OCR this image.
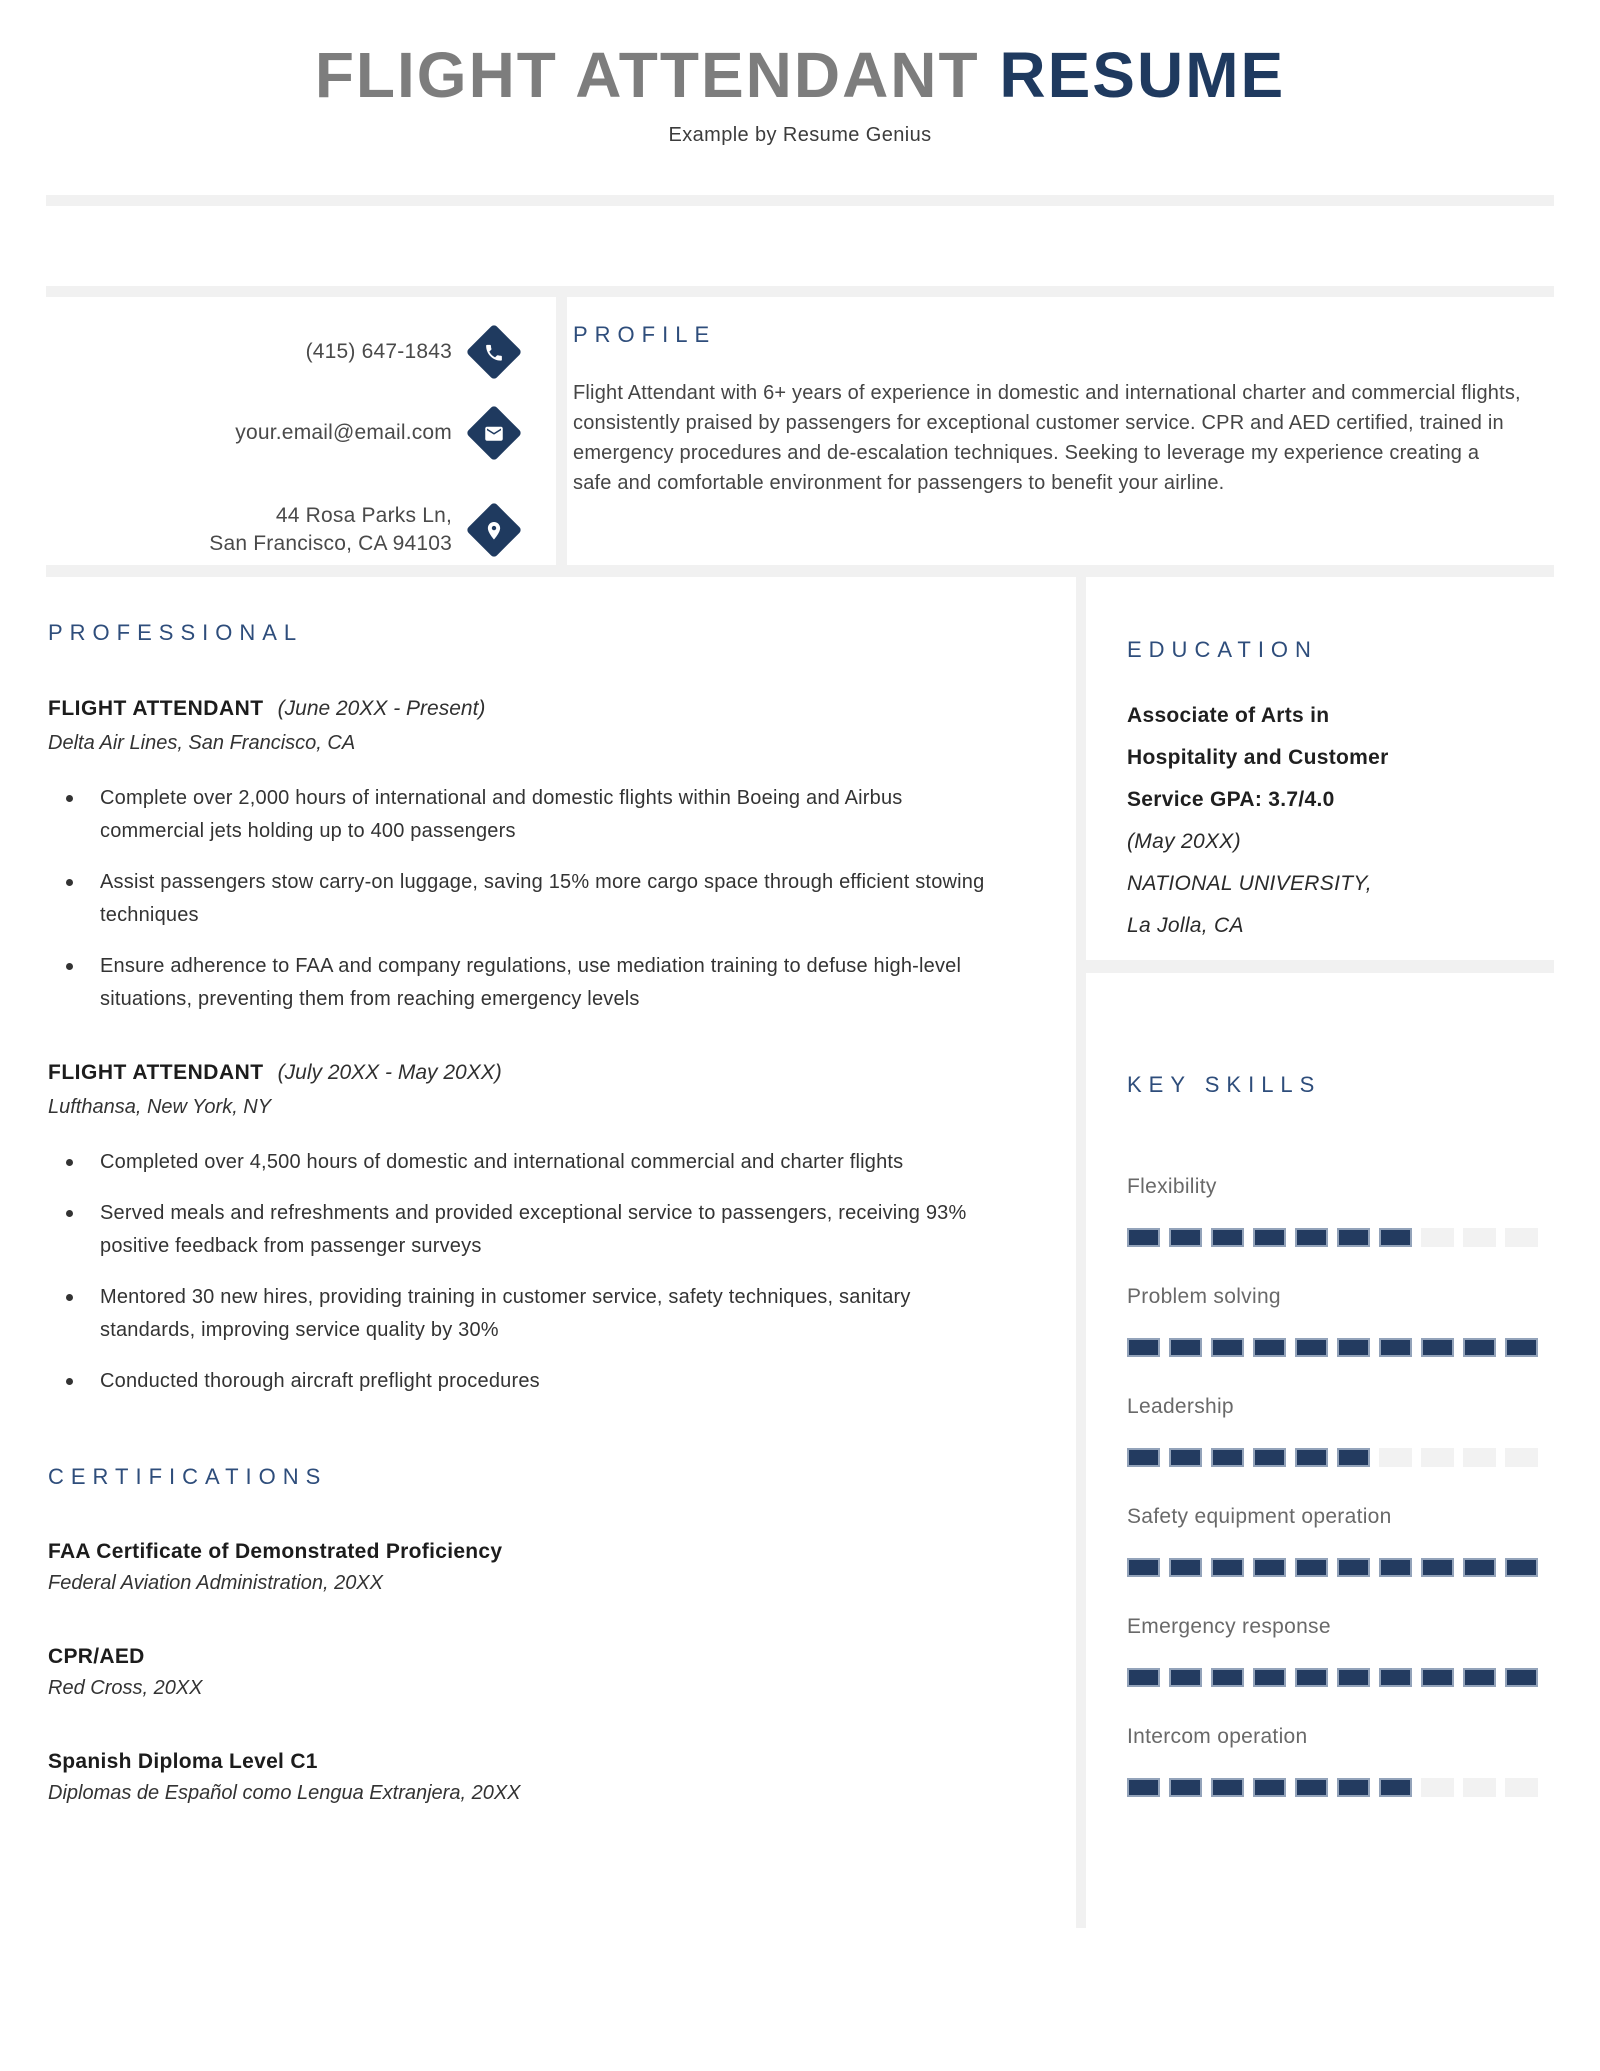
FLIGHT ATTENDANT RESUME
Example by Resume Genius
(415) 647-1843
your.email@email.com
44 Rosa Parks Ln,
San Francisco, CA 94103
PROFILE

Flight Attendant with 6+ years of experience in domestic and international charter and commercial flights, consistently praised by passengers for exceptional customer service. CPR and AED certified, trained in emergency procedures and de-escalation techniques. Seeking to leverage my experience creating a safe and comfortable environment for passengers to benefit your airline.

PROFESSIONAL
FLIGHT ATTENDANT (June 20XX - Present)
Delta Air Lines, San Francisco, CA
Complete over 2,000 hours of international and domestic flights within Boeing and Airbus commercial jets holding up to 400 passengers
Assist passengers stow carry-on luggage, saving 15% more cargo space through efficient stowing techniques
Ensure adherence to FAA and company regulations, use mediation training to defuse high-level situations, preventing them from reaching emergency levels
FLIGHT ATTENDANT (July 20XX - May 20XX)
Lufthansa, New York, NY
Completed over 4,500 hours of domestic and international commercial and charter flights
Served meals and refreshments and provided exceptional service to passengers, receiving 93% positive feedback from passenger surveys
Mentored 30 new hires, providing training in customer service, safety techniques, sanitary standards, improving service quality by 30%
Conducted thorough aircraft preflight procedures
CERTIFICATIONS
FAA Certificate of Demonstrated Proficiency
Federal Aviation Administration, 20XX
CPR/AED
Red Cross, 20XX
Spanish Diploma Level C1
Diplomas de Español como Lengua Extranjera, 20XX
EDUCATION
Associate of Arts in
Hospitality and Customer
Service GPA: 3.7/4.0
(May 20XX)
NATIONAL UNIVERSITY,
La Jolla, CA
KEY SKILLS
Flexibility
Problem solving
Leadership
Safety equipment operation
Emergency response
Intercom operation
